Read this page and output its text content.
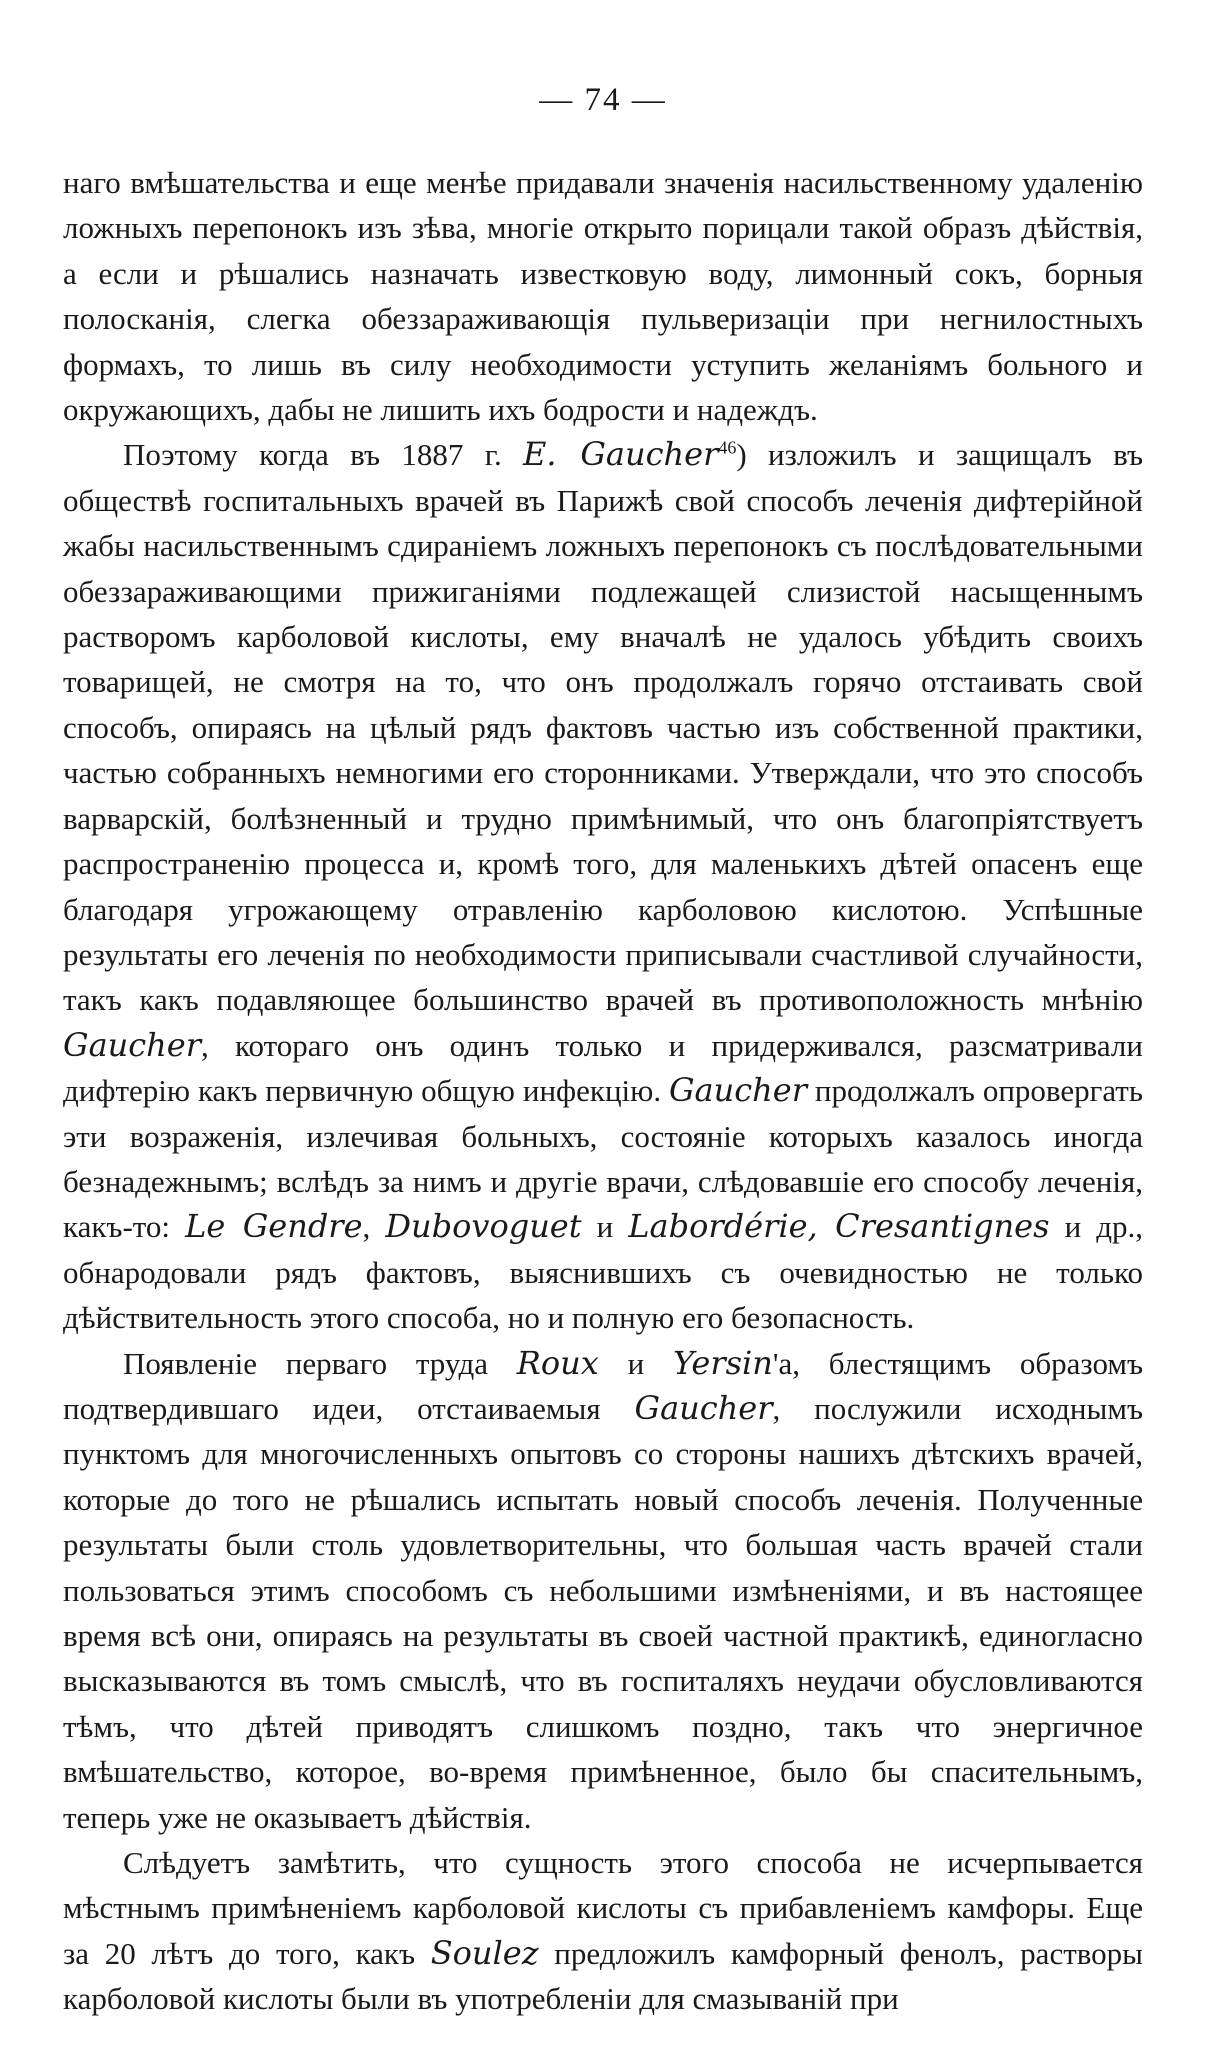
— 74 —

наго вмѣшательства и еще менѣе придавали значенія насильственному удаленію ложныхъ перепонокъ изъ зѣва, многіе открыто порицали такой образъ дѣйствія, а если и рѣшались назначать известковую воду, лимонный сокъ, борныя полосканія, слегка обеззараживающія пульверизаціи при негнилостныхъ формахъ, то лишь въ силу необходимости уступить желаніямъ больного и окружающихъ, дабы не лишить ихъ бодрости и надеждъ.

Поэтому когда въ 1887 г. E. Gaucher$^{46}$) изложилъ и защищалъ въ обществѣ госпитальныхъ врачей въ Парижѣ свой способъ леченія дифтерійной жабы насильственнымъ сдираніемъ ложныхъ перепонокъ съ послѣдовательными обеззараживающими прижиганіями подлежащей слизистой насыщеннымъ растворомъ карболовой кислоты, ему вначалѣ не удалось убѣдить своихъ товарищей, не смотря на то, что онъ продолжалъ горячо отстаивать свой способъ, опираясь на цѣлый рядъ фактовъ частью изъ собственной практики, частью собранныхъ немногими его сторонниками. Утверждали, что это способъ варварскій, болѣзненный и трудно примѣнимый, что онъ благопріятствуетъ распространенію процесса и, кромѣ того, для маленькихъ дѣтей опасенъ еще благодаря угрожающему отравленію карболовою кислотою. Успѣшные результаты его леченія по необходимости приписывали счастливой случайности, такъ какъ подавляющее большинство врачей въ противоположность мнѣнію Gaucher, котораго онъ одинъ только и придерживался, разсматривали дифтерію какъ первичную общую инфекцію. Gaucher продолжалъ опровергать эти возраженія, излечивая больныхъ, состояніе которыхъ казалось иногда безнадежнымъ; вслѣдъ за нимъ и другіе врачи, слѣдовавшіе его способу леченія, какъ-то: Le Gendre, Dubovoguet и Labordérie, Cresantignes и др., обнародовали рядъ фактовъ, выяснившихъ съ очевидностью не только дѣйствительность этого способа, но и полную его безопасность.

Появленіе перваго труда Roux и Yersin'а, блестящимъ образомъ подтвердившаго идеи, отстаиваемыя Gaucher, послужили исходнымъ пунктомъ для многочисленныхъ опытовъ со стороны нашихъ дѣтскихъ врачей, которые до того не рѣшались испытать новый способъ леченія. Полученные результаты были столь удовлетворительны, что большая часть врачей стали пользоваться этимъ способомъ съ небольшими измѣненіями, и въ настоящее время всѣ они, опираясь на результаты въ своей частной практикѣ, единогласно высказываются въ томъ смыслѣ, что въ госпиталяхъ неудачи обусловливаются тѣмъ, что дѣтей приводятъ слишкомъ поздно, такъ что энергичное вмѣшательство, которое, во-время примѣненное, было бы спасительнымъ, теперь уже не оказываетъ дѣйствія.

Слѣдуетъ замѣтить, что сущность этого способа не исчерпывается мѣстнымъ примѣненіемъ карболовой кислоты съ прибавленіемъ камфоры. Еще за 20 лѣтъ до того, какъ Soulez предложилъ камфорный фенолъ, растворы карболовой кислоты были въ употребленіи для смазываній при
